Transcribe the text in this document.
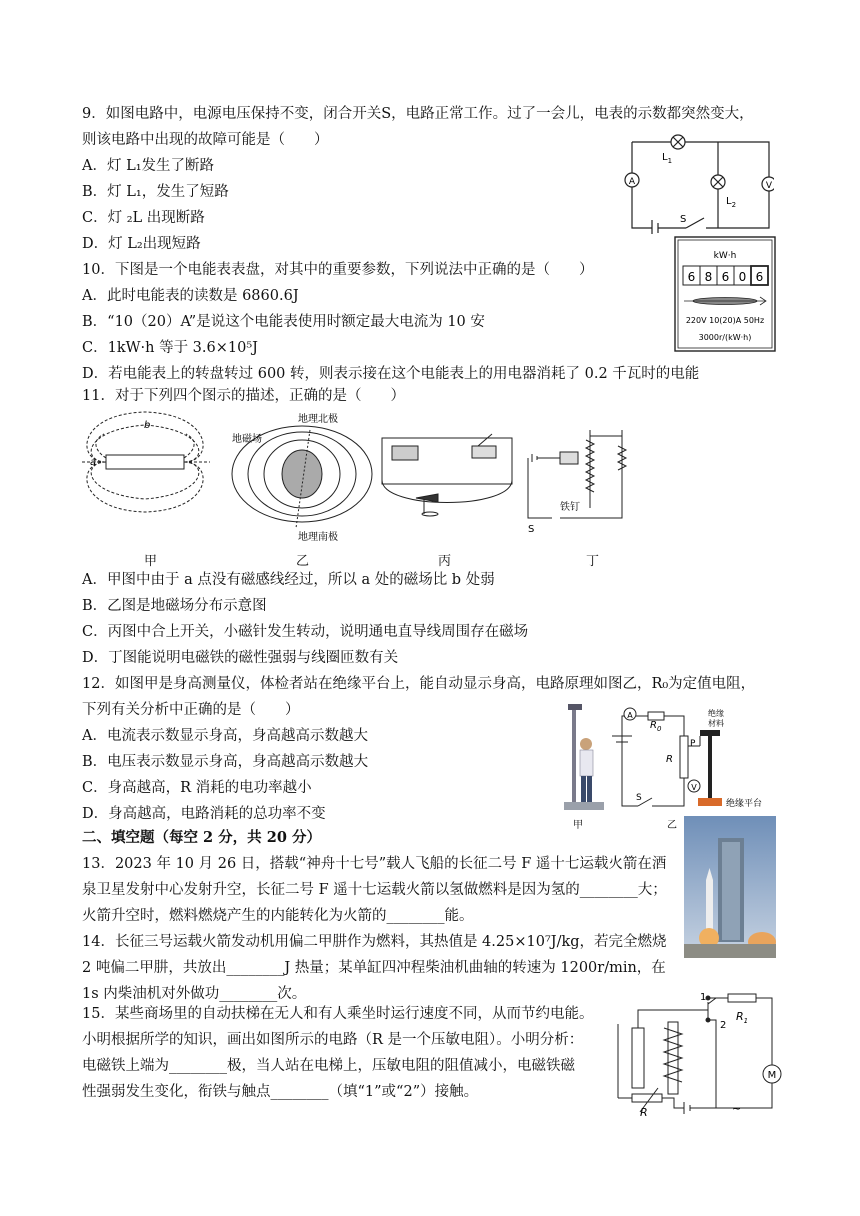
9．如图电路中，电源电压保持不变，闭合开关S，电路正常工作。过了一会儿，电表的示数都突然变大，
则该电路中出现的故障可能是（　　）
A．灯 L₁发生了断路
B．灯 L₁，发生了短路
C．灯 ₂L 出现断路
D．灯 L₂出现短路
A	V
$L_1$
$L_2$
S
10．下图是一个电能表表盘，对其中的重要参数，下列说法中正确的是（　　）
A．此时电能表的读数是 6860.6J
B．“10（20）A”是说这个电能表使用时额定最大电流为 10 安
C．1kW·h 等于 3.6×10⁵J
D．若电能表上的转盘转过 600 转，则表示接在这个电能表上的用电器消耗了 0.2 千瓦时的电能
kW·h
6 8 6 0 6
220V 10(20)A 50Hz
3000r/(kW·h)
11．对于下列四个图示的描述，正确的是（　　）
a
b
地理北极
地理南极
地磁场
S
铁钉
甲	乙	丙	丁
A．甲图中由于 a 点没有磁感线经过，所以 a 处的磁场比 b 处弱
B．乙图是地磁场分布示意图
C．丙图中合上开关，小磁针发生转动，说明通电直导线周围存在磁场
D．丁图能说明电磁铁的磁性强弱与线圈匝数有关
12．如图甲是身高测量仪，体检者站在绝缘平台上，能自动显示身高，电路原理如图乙，R₀为定值电阻，
下列有关分析中正确的是（　　）
A．电流表示数显示身高，身高越高示数越大
B．电压表示数显示身高，身高越高示数越大
C．身高越高，R 消耗的电功率越小
D．身高越高，电路消耗的总功率不变
甲
A
V
$R_0$
R
P
绝缘
材料
绝缘平台
S
乙
二、填空题（每空 2 分，共 20 分）
13．2023 年 10 月 26 日，搭载“神舟十七号”载人飞船的长征二号 F 遥十七运载火箭在酒
泉卫星发射中心发射升空，长征二号 F 遥十七运载火箭以氢做燃料是因为氢的________大；
火箭升空时，燃料燃烧产生的内能转化为火箭的________能。
14．长征三号运载火箭发动机用偏二甲肼作为燃料，其热值是 4.25×10⁷J/kg，若完全燃烧
2 吨偏二甲肼，共放出________J 热量；某单缸四冲程柴油机曲轴的转速为 1200r/min，在
1s 内柴油机对外做功________次。
15．某些商场里的自动扶梯在无人和有人乘坐时运行速度不同，从而节约电能。
小明根据所学的知识，画出如图所示的电路（R 是一个压敏电阻）。小明分析：
电磁铁上端为________极，当人站在电梯上，压敏电阻的阻值减小，电磁铁磁
性强弱发生变化，衔铁与触点________（填“1”或“2”）接触。
$R_1$
R
M
1
2
~
